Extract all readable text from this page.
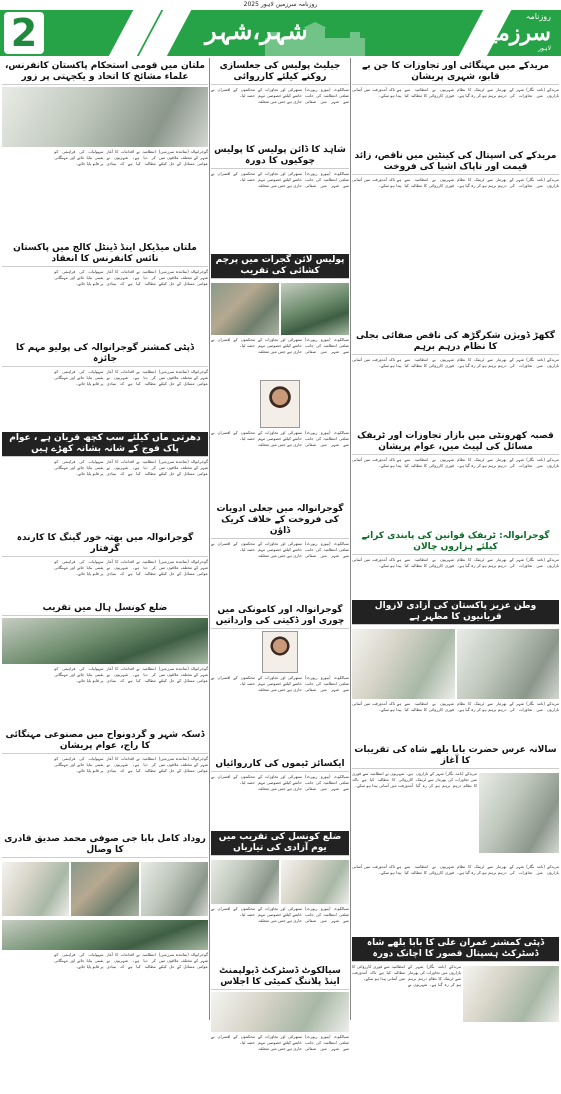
روزنامہ سرزمین لاہور 2025
2	شہر،شہر	روزنامہ
سرزمین
لاہور
ملتان میں قومی استحکام پاکستان کانفرنس، علماء مشائخ کا اتحاد و یکجہتی پر زور
گوجرانوالہ (نمائندہ سرزمین) شہر کے مختلف علاقوں میں عوامی مسائل کے حل کیلئے انتظامیہ نے اقدامات کا آغاز کر دیا ہے۔ شہریوں نے مطالبہ کیا ہے کہ بنیادی سہولیات کی فراہمی کو یقینی بنایا جائے اور مہنگائی پر قابو پایا جائے۔
ملتان میڈیکل اینڈ ڈینٹل کالج میں پاکستان نائس کانفرنس کا انعقاد
گوجرانوالہ (نمائندہ سرزمین) شہر کے مختلف علاقوں میں عوامی مسائل کے حل کیلئے انتظامیہ نے اقدامات کا آغاز کر دیا ہے۔ شہریوں نے مطالبہ کیا ہے کہ بنیادی سہولیات کی فراہمی کو یقینی بنایا جائے اور مہنگائی پر قابو پایا جائے۔
ڈپٹی کمشنر گوجرانوالہ کی پولیو مہم کا جائزہ
گوجرانوالہ (نمائندہ سرزمین) شہر کے مختلف علاقوں میں عوامی مسائل کے حل کیلئے انتظامیہ نے اقدامات کا آغاز کر دیا ہے۔ شہریوں نے مطالبہ کیا ہے کہ بنیادی سہولیات کی فراہمی کو یقینی بنایا جائے اور مہنگائی پر قابو پایا جائے۔
دھرتی ماں کیلئے سب کچھ قربان ہے ، عوام پاک فوج کے شانہ بشانہ کھڑے ہیں
گوجرانوالہ (نمائندہ سرزمین) شہر کے مختلف علاقوں میں عوامی مسائل کے حل کیلئے انتظامیہ نے اقدامات کا آغاز کر دیا ہے۔ شہریوں نے مطالبہ کیا ہے کہ بنیادی سہولیات کی فراہمی کو یقینی بنایا جائے اور مہنگائی پر قابو پایا جائے۔
گوجرانوالہ میں بھتہ خور گینگ کا کارندہ گرفتار
گوجرانوالہ (نمائندہ سرزمین) شہر کے مختلف علاقوں میں عوامی مسائل کے حل کیلئے انتظامیہ نے اقدامات کا آغاز کر دیا ہے۔ شہریوں نے مطالبہ کیا ہے کہ بنیادی سہولیات کی فراہمی کو یقینی بنایا جائے اور مہنگائی پر قابو پایا جائے۔
ضلع کونسل ہال میں تقریب
گوجرانوالہ (نمائندہ سرزمین) شہر کے مختلف علاقوں میں عوامی مسائل کے حل کیلئے انتظامیہ نے اقدامات کا آغاز کر دیا ہے۔ شہریوں نے مطالبہ کیا ہے کہ بنیادی سہولیات کی فراہمی کو یقینی بنایا جائے اور مہنگائی پر قابو پایا جائے۔
ڈسکہ شہر و گردونواح میں مصنوعی مہنگائی کا راج، عوام پریشان
گوجرانوالہ (نمائندہ سرزمین) شہر کے مختلف علاقوں میں عوامی مسائل کے حل کیلئے انتظامیہ نے اقدامات کا آغاز کر دیا ہے۔ شہریوں نے مطالبہ کیا ہے کہ بنیادی سہولیات کی فراہمی کو یقینی بنایا جائے اور مہنگائی پر قابو پایا جائے۔
روداد کامل بابا جی صوفی محمد صدیق قادری کا وصال
گوجرانوالہ (نمائندہ سرزمین) شہر کے مختلف علاقوں میں عوامی مسائل کے حل کیلئے انتظامیہ نے اقدامات کا آغاز کر دیا ہے۔ شہریوں نے مطالبہ کیا ہے کہ بنیادی سہولیات کی فراہمی کو یقینی بنایا جائے اور مہنگائی پر قابو پایا جائے۔
جیلیٹ پولیس کی جعلسازی روکنے کیلئے کارروائی
سیالکوٹ (بیورو رپورٹ) ضلعی انتظامیہ کی جانب سے شہر میں صفائی ستھرائی اور تجاوزات کے خاتمے کیلئے خصوصی مہم جاری ہے جس میں متعلقہ محکموں کے افسران نے حصہ لیا۔
شاہد کا ڈائن پولیس کا پولیس چوکیوں کا دورہ
سیالکوٹ (بیورو رپورٹ) ضلعی انتظامیہ کی جانب سے شہر میں صفائی ستھرائی اور تجاوزات کے خاتمے کیلئے خصوصی مہم جاری ہے جس میں متعلقہ محکموں کے افسران نے حصہ لیا۔
پولیس لائن گجرات میں پرچم کشائی کی تقریب
سیالکوٹ (بیورو رپورٹ) ضلعی انتظامیہ کی جانب سے شہر میں صفائی ستھرائی اور تجاوزات کے خاتمے کیلئے خصوصی مہم جاری ہے جس میں متعلقہ محکموں کے افسران نے حصہ لیا۔
سیالکوٹ (بیورو رپورٹ) ضلعی انتظامیہ کی جانب سے شہر میں صفائی ستھرائی اور تجاوزات کے خاتمے کیلئے خصوصی مہم جاری ہے جس میں متعلقہ محکموں کے افسران نے حصہ لیا۔
گوجرانوالہ میں جعلی ادویات کی فروخت کے خلاف کریک ڈاؤن
سیالکوٹ (بیورو رپورٹ) ضلعی انتظامیہ کی جانب سے شہر میں صفائی ستھرائی اور تجاوزات کے خاتمے کیلئے خصوصی مہم جاری ہے جس میں متعلقہ محکموں کے افسران نے حصہ لیا۔
گوجرانوالہ اور کامونکی میں چوری اور ڈکیتی کی وارداتیں
سیالکوٹ (بیورو رپورٹ) ضلعی انتظامیہ کی جانب سے شہر میں صفائی ستھرائی اور تجاوزات کے خاتمے کیلئے خصوصی مہم جاری ہے جس میں متعلقہ محکموں کے افسران نے حصہ لیا۔
ایکسائز ٹیموں کی کارروائیاں
سیالکوٹ (بیورو رپورٹ) ضلعی انتظامیہ کی جانب سے شہر میں صفائی ستھرائی اور تجاوزات کے خاتمے کیلئے خصوصی مہم جاری ہے جس میں متعلقہ محکموں کے افسران نے حصہ لیا۔
ضلع کونسل کی تقریب میں یوم آزادی کی تیاریاں
سیالکوٹ (بیورو رپورٹ) ضلعی انتظامیہ کی جانب سے شہر میں صفائی ستھرائی اور تجاوزات کے خاتمے کیلئے خصوصی مہم جاری ہے جس میں متعلقہ محکموں کے افسران نے حصہ لیا۔
سیالکوٹ ڈسٹرکٹ ڈیولپمنٹ اینڈ پلاننگ کمیٹی کا اجلاس
سیالکوٹ (بیورو رپورٹ) ضلعی انتظامیہ کی جانب سے شہر میں صفائی ستھرائی اور تجاوزات کے خاتمے کیلئے خصوصی مہم جاری ہے جس میں متعلقہ محکموں کے افسران نے حصہ لیا۔
مریدکے میں مہنگائی اور تجاوزات کا جن بے قابو، شہری پریشان
مریدکے (نامہ نگار) شہر کے بازاروں میں تجاوزات کی بھرمار سے ٹریفک کا نظام درہم برہم ہو کر رہ گیا ہے۔ شہریوں نے انتظامیہ سے فوری کارروائی کا مطالبہ کیا ہے تاکہ آمدورفت میں آسانی پیدا ہو سکے۔
مریدکے کی اسپتال کی کینٹین میں ناقص، زائد قیمت اور ناپاک اشیا کی فروخت
مریدکے (نامہ نگار) شہر کے بازاروں میں تجاوزات کی بھرمار سے ٹریفک کا نظام درہم برہم ہو کر رہ گیا ہے۔ شہریوں نے انتظامیہ سے فوری کارروائی کا مطالبہ کیا ہے تاکہ آمدورفت میں آسانی پیدا ہو سکے۔
گکھڑ ڈویژن شکرگڑھ کی ناقص صفائی بجلی کا نظام درہم برہم
مریدکے (نامہ نگار) شہر کے بازاروں میں تجاوزات کی بھرمار سے ٹریفک کا نظام درہم برہم ہو کر رہ گیا ہے۔ شہریوں نے انتظامیہ سے فوری کارروائی کا مطالبہ کیا ہے تاکہ آمدورفت میں آسانی پیدا ہو سکے۔
قصبہ کھرونٹی میں بازار تجاوزات اور ٹریفک مسائل کی لپیٹ میں، عوام پریشان
مریدکے (نامہ نگار) شہر کے بازاروں میں تجاوزات کی بھرمار سے ٹریفک کا نظام درہم برہم ہو کر رہ گیا ہے۔ شہریوں نے انتظامیہ سے فوری کارروائی کا مطالبہ کیا ہے تاکہ آمدورفت میں آسانی پیدا ہو سکے۔
گوجرانوالہ: ٹریفک قوانین کی پابندی کرانے کیلئے ہزاروں چالان
مریدکے (نامہ نگار) شہر کے بازاروں میں تجاوزات کی بھرمار سے ٹریفک کا نظام درہم برہم ہو کر رہ گیا ہے۔ شہریوں نے انتظامیہ سے فوری کارروائی کا مطالبہ کیا ہے تاکہ آمدورفت میں آسانی پیدا ہو سکے۔
وطن عزیز پاکستان کی آزادی لازوال قربانیوں کا مظہر ہے
مریدکے (نامہ نگار) شہر کے بازاروں میں تجاوزات کی بھرمار سے ٹریفک کا نظام درہم برہم ہو کر رہ گیا ہے۔ شہریوں نے انتظامیہ سے فوری کارروائی کا مطالبہ کیا ہے تاکہ آمدورفت میں آسانی پیدا ہو سکے۔
سالانہ عرس حضرت بابا بلھے شاہ کی تقریبات کا آغاز
مریدکے (نامہ نگار) شہر کے بازاروں میں تجاوزات کی بھرمار سے ٹریفک کا نظام درہم برہم ہو کر رہ گیا ہے۔ شہریوں نے انتظامیہ سے فوری کارروائی کا مطالبہ کیا ہے تاکہ آمدورفت میں آسانی پیدا ہو سکے۔
مریدکے (نامہ نگار) شہر کے بازاروں میں تجاوزات کی بھرمار سے ٹریفک کا نظام درہم برہم ہو کر رہ گیا ہے۔ شہریوں نے انتظامیہ سے فوری کارروائی کا مطالبہ کیا ہے تاکہ آمدورفت میں آسانی پیدا ہو سکے۔
ڈپٹی کمشنر عمران علی کا بابا بلھے شاہ ڈسٹرکٹ ہسپتال قصور کا اچانک دورہ
مریدکے (نامہ نگار) شہر کے بازاروں میں تجاوزات کی بھرمار سے ٹریفک کا نظام درہم برہم ہو کر رہ گیا ہے۔ شہریوں نے انتظامیہ سے فوری کارروائی کا مطالبہ کیا ہے تاکہ آمدورفت میں آسانی پیدا ہو سکے۔
